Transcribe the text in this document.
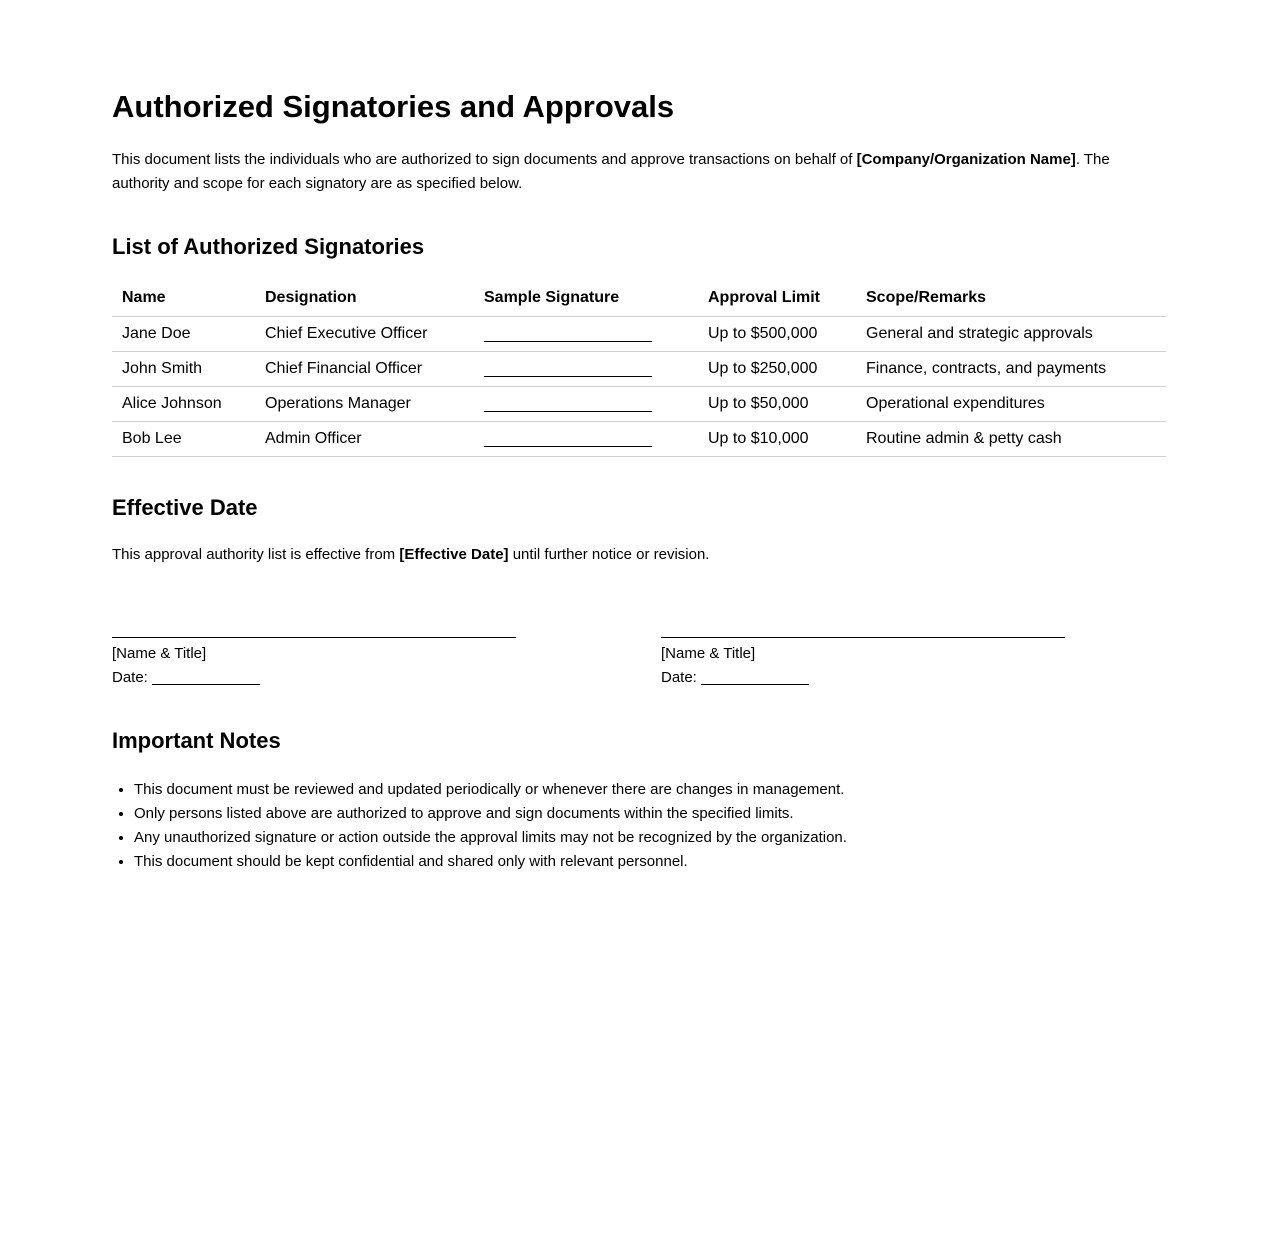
Authorized Signatories and Approvals

This document lists the individuals who are authorized to sign documents and approve transactions on behalf of [Company/Organization Name]. The authority and scope for each signatory are as specified below.

List of Authorized Signatories
Name	Designation	Sample Signature	Approval Limit	Scope/Remarks
Jane Doe	Chief Executive Officer		Up to $500,000	General and strategic approvals
John Smith	Chief Financial Officer		Up to $250,000	Finance, contracts, and payments
Alice Johnson	Operations Manager		Up to $50,000	Operational expenditures
Bob Lee	Admin Officer		Up to $10,000	Routine admin & petty cash
Effective Date

This approval authority list is effective from [Effective Date] until further notice or revision.

[Name & Title]
Date:
[Name & Title]
Date:
Important Notes
• This document must be reviewed and updated periodically or whenever there are changes in management.
• Only persons listed above are authorized to approve and sign documents within the specified limits.
• Any unauthorized signature or action outside the approval limits may not be recognized by the organization.
• This document should be kept confidential and shared only with relevant personnel.
